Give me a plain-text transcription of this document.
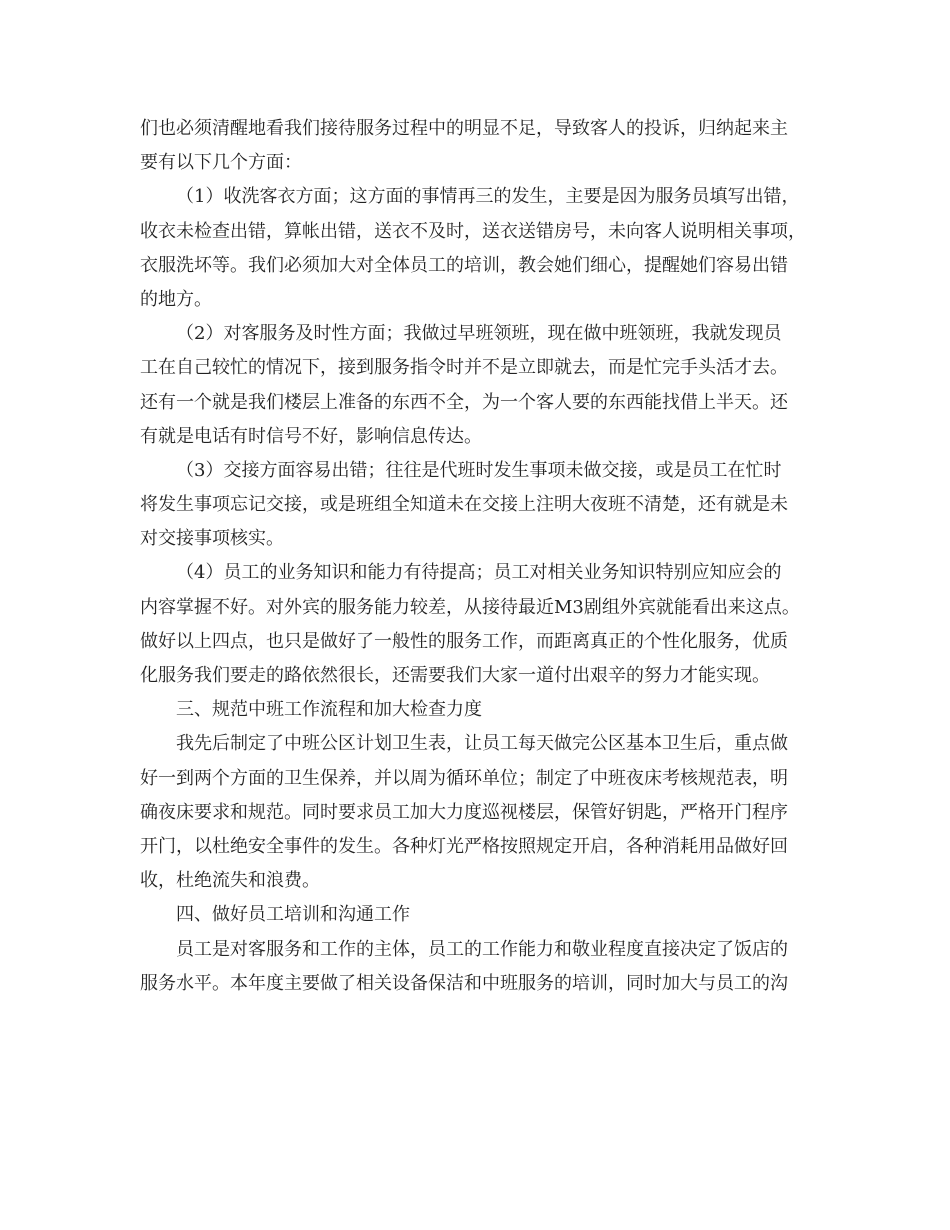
们也必须清醒地看我们接待服务过程中的明显不足，导致客人的投诉，归纳起来主
要有以下几个方面：
（1）收洗客衣方面；这方面的事情再三的发生，主要是因为服务员填写出错，
收衣未检查出错，算帐出错，送衣不及时，送衣送错房号，未向客人说明相关事项，
衣服洗坏等。我们必须加大对全体员工的培训，教会她们细心，提醒她们容易出错
的地方。
（2）对客服务及时性方面；我做过早班领班，现在做中班领班，我就发现员
工在自己较忙的情况下，接到服务指令时并不是立即就去，而是忙完手头活才去。
还有一个就是我们楼层上准备的东西不全，为一个客人要的东西能找借上半天。还
有就是电话有时信号不好，影响信息传达。
（3）交接方面容易出错；往往是代班时发生事项未做交接，或是员工在忙时
将发生事项忘记交接，或是班组全知道未在交接上注明大夜班不清楚，还有就是未
对交接事项核实。
（4）员工的业务知识和能力有待提高；员工对相关业务知识特别应知应会的
内容掌握不好。对外宾的服务能力较差，从接待最近M3剧组外宾就能看出来这点。
做好以上四点，也只是做好了一般性的服务工作，而距离真正的个性化服务，优质
化服务我们要走的路依然很长，还需要我们大家一道付出艰辛的努力才能实现。
三、规范中班工作流程和加大检查力度
我先后制定了中班公区计划卫生表，让员工每天做完公区基本卫生后，重点做
好一到两个方面的卫生保养，并以周为循环单位；制定了中班夜床考核规范表，明
确夜床要求和规范。同时要求员工加大力度巡视楼层，保管好钥匙，严格开门程序
开门，以杜绝安全事件的发生。各种灯光严格按照规定开启，各种消耗用品做好回
收，杜绝流失和浪费。
四、做好员工培训和沟通工作
员工是对客服务和工作的主体，员工的工作能力和敬业程度直接决定了饭店的
服务水平。本年度主要做了相关设备保洁和中班服务的培训，同时加大与员工的沟
